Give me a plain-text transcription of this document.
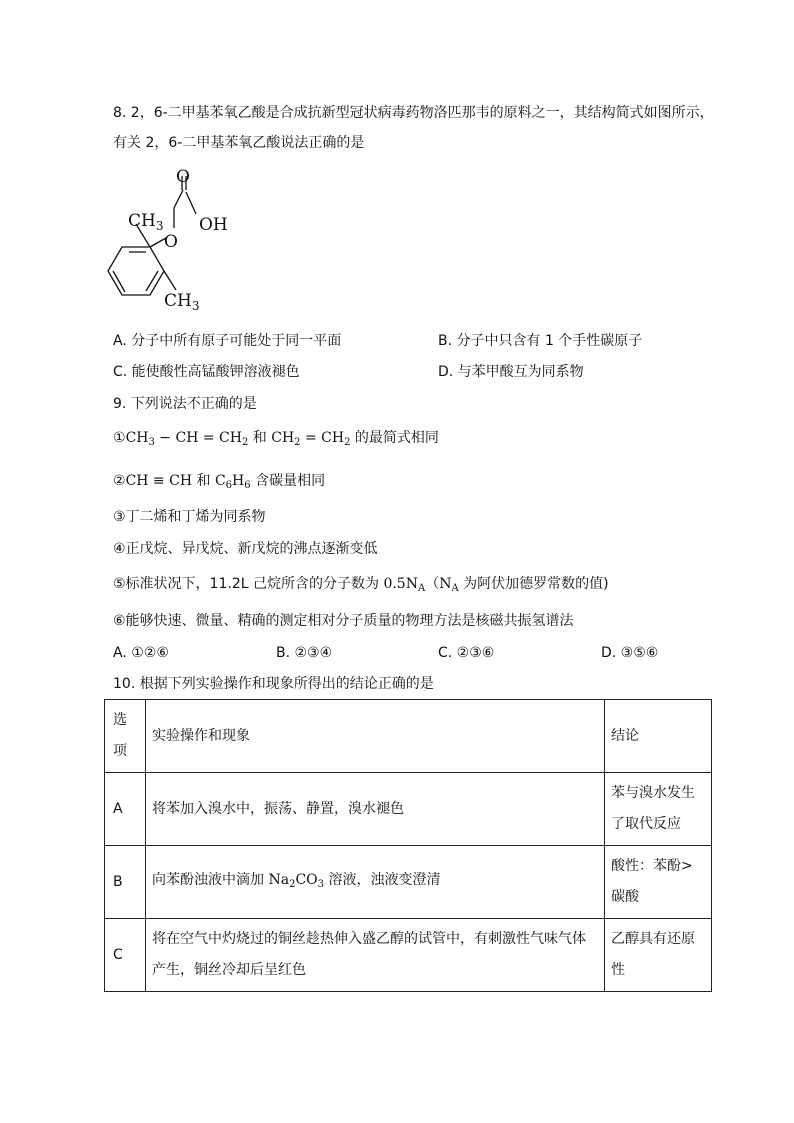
8. 2，6-二甲基苯氧乙酸是合成抗新型冠状病毒药物洛匹那韦的原料之一，其结构简式如图所示，
有关 2，6-二甲基苯氧乙酸说法正确的是
O
OH
O
$CH_3$
$CH_3$
A. 分子中所有原子可能处于同一平面	B. 分子中只含有 1 个手性碳原子
C. 能使酸性高锰酸钾溶液褪色	D. 与苯甲酸互为同系物
9. 下列说法不正确的是
$①CH_3$ − CH = $CH_2$ 和 $CH_2 = CH_2$ 的最简式相同
②CH ≡ CH 和 $C_6H_6$ 含碳量相同
③丁二烯和丁烯为同系物
④正戊烷、异戊烷、新戊烷的沸点逐渐变低
⑤标准状况下，11.2L 己烷所含的分子数为 $0.5N_A(N_A$ 为阿伏加德罗常数的值)
⑥能够快速、微量、精确的测定相对分子质量的物理方法是核磁共振氢谱法
A. ①②⑥	B. ②③④	C. ②③⑥	D. ③⑤⑥
10. 根据下列实验操作和现象所得出的结论正确的是
选项	实验操作和现象	结论
A	将苯加入溴水中，振荡、静置，溴水褪色	苯与溴水发生了取代反应
B	向苯酚浊液中滴加 $Na_2CO_3$ 溶液，浊液变澄清	酸性：苯酚>碳酸
C	将在空气中灼烧过的铜丝趁热伸入盛乙醇的试管中，有刺激性气味气体产生，铜丝冷却后呈红色	乙醇具有还原性
